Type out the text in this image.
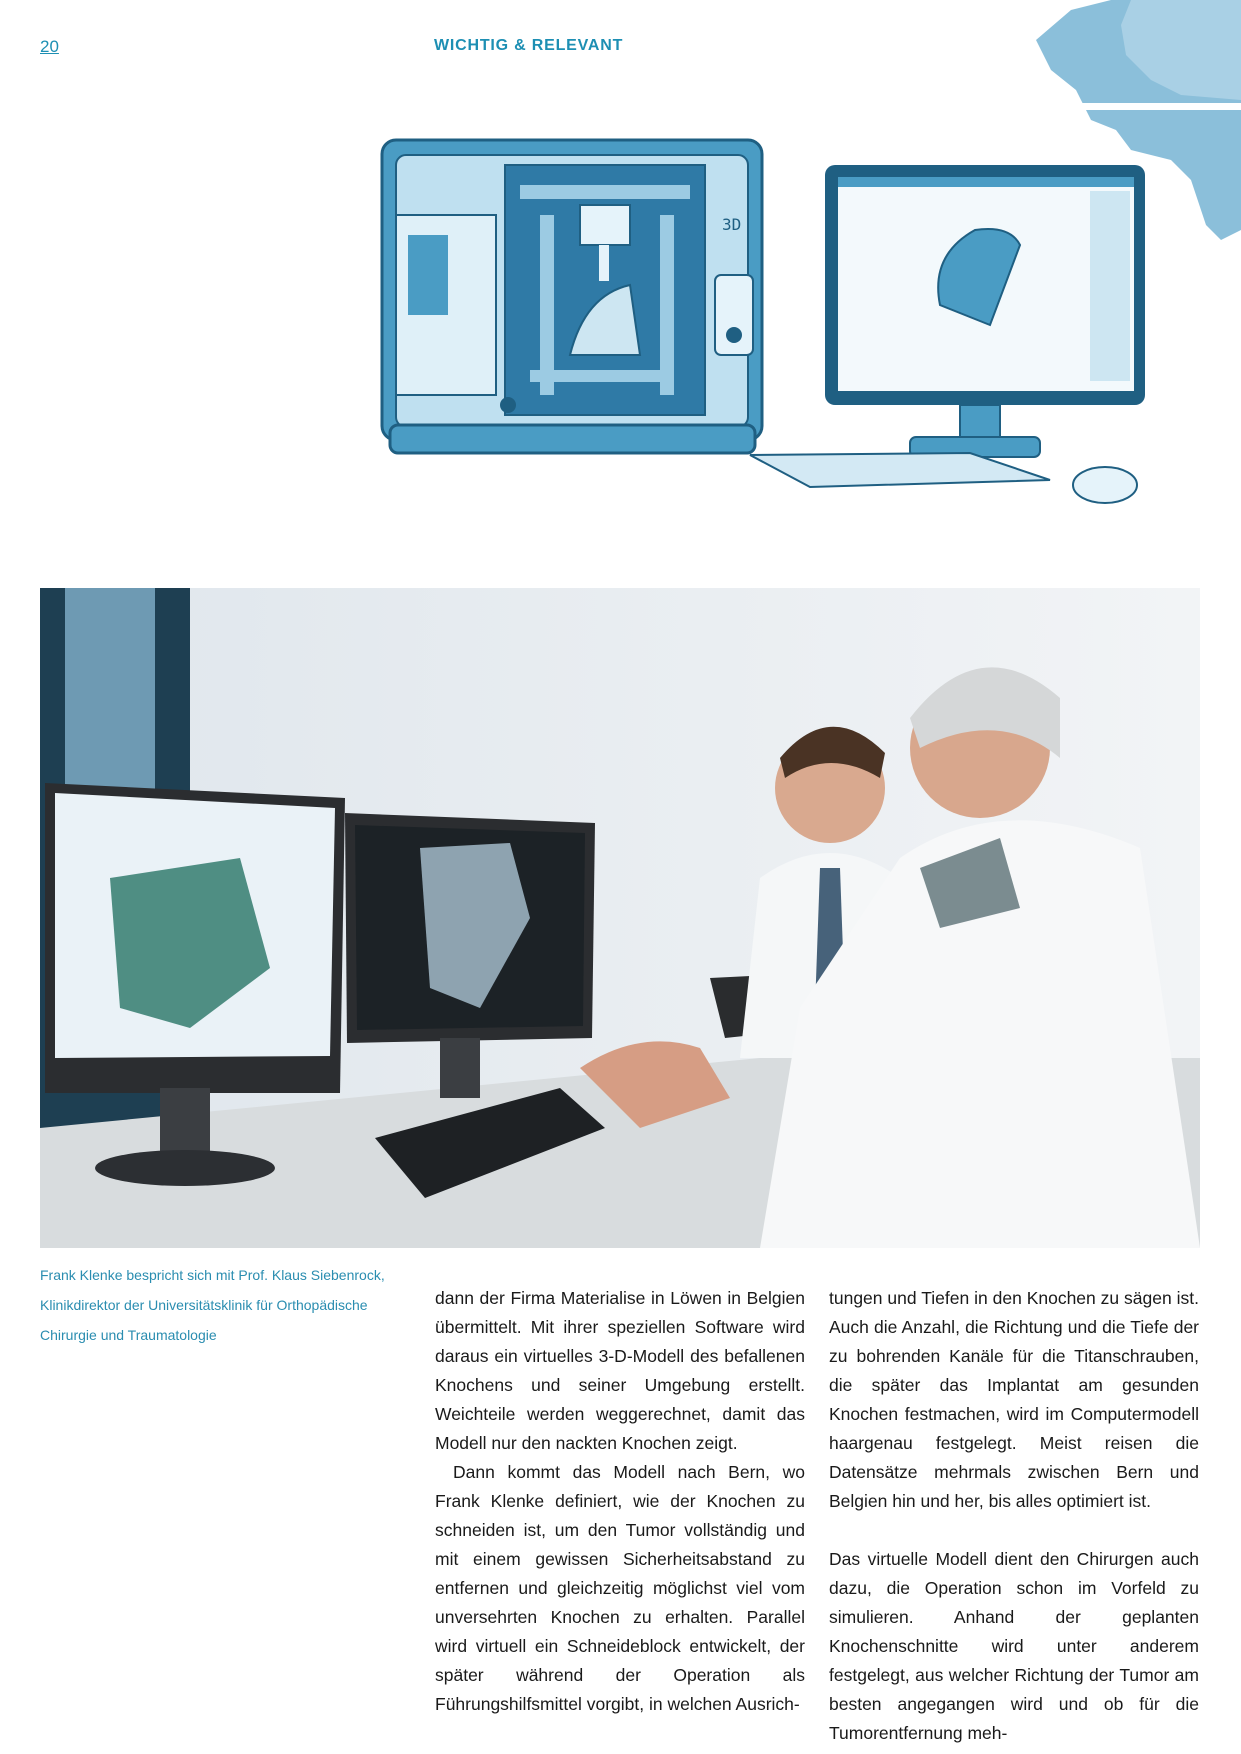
20	WICHTIG & RELEVANT
3D

Frank Klenke bespricht sich mit Prof. Klaus Siebenrock,

Klinikdirektor der Universitätsklinik für Orthopädische

Chirurgie und Traumatologie

dann der Firma Materialise in Löwen in Belgien übermittelt. Mit ihrer speziellen Software wird daraus ein virtuelles 3-D-Modell des befallenen Knochens und seiner Umgebung erstellt. Weichteile werden weggerechnet, damit das Modell nur den nackten Knochen zeigt.

Dann kommt das Modell nach Bern, wo Frank Klenke definiert, wie der Knochen zu schneiden ist, um den Tumor vollständig und mit einem gewissen Sicherheitsabstand zu entfernen und gleichzeitig möglichst viel vom unversehrten Knochen zu erhalten. Parallel wird virtuell ein Schneideblock entwickelt, der später während der Operation als Führungshilfsmittel vorgibt, in welchen Ausrich-

tungen und Tiefen in den Knochen zu sägen ist. Auch die Anzahl, die Richtung und die Tiefe der zu bohrenden Kanäle für die Titanschrauben, die später das Implantat am gesunden Knochen festmachen, wird im Computermodell haargenau festgelegt. Meist reisen die Datensätze mehrmals zwischen Bern und Belgien hin und her, bis alles optimiert ist.

Das virtuelle Modell dient den Chirurgen auch dazu, die Operation schon im Vorfeld zu simulieren. Anhand der geplanten Knochenschnitte wird unter anderem festgelegt, aus welcher Richtung der Tumor am besten angegangen wird und ob für die Tumorentfernung meh-
